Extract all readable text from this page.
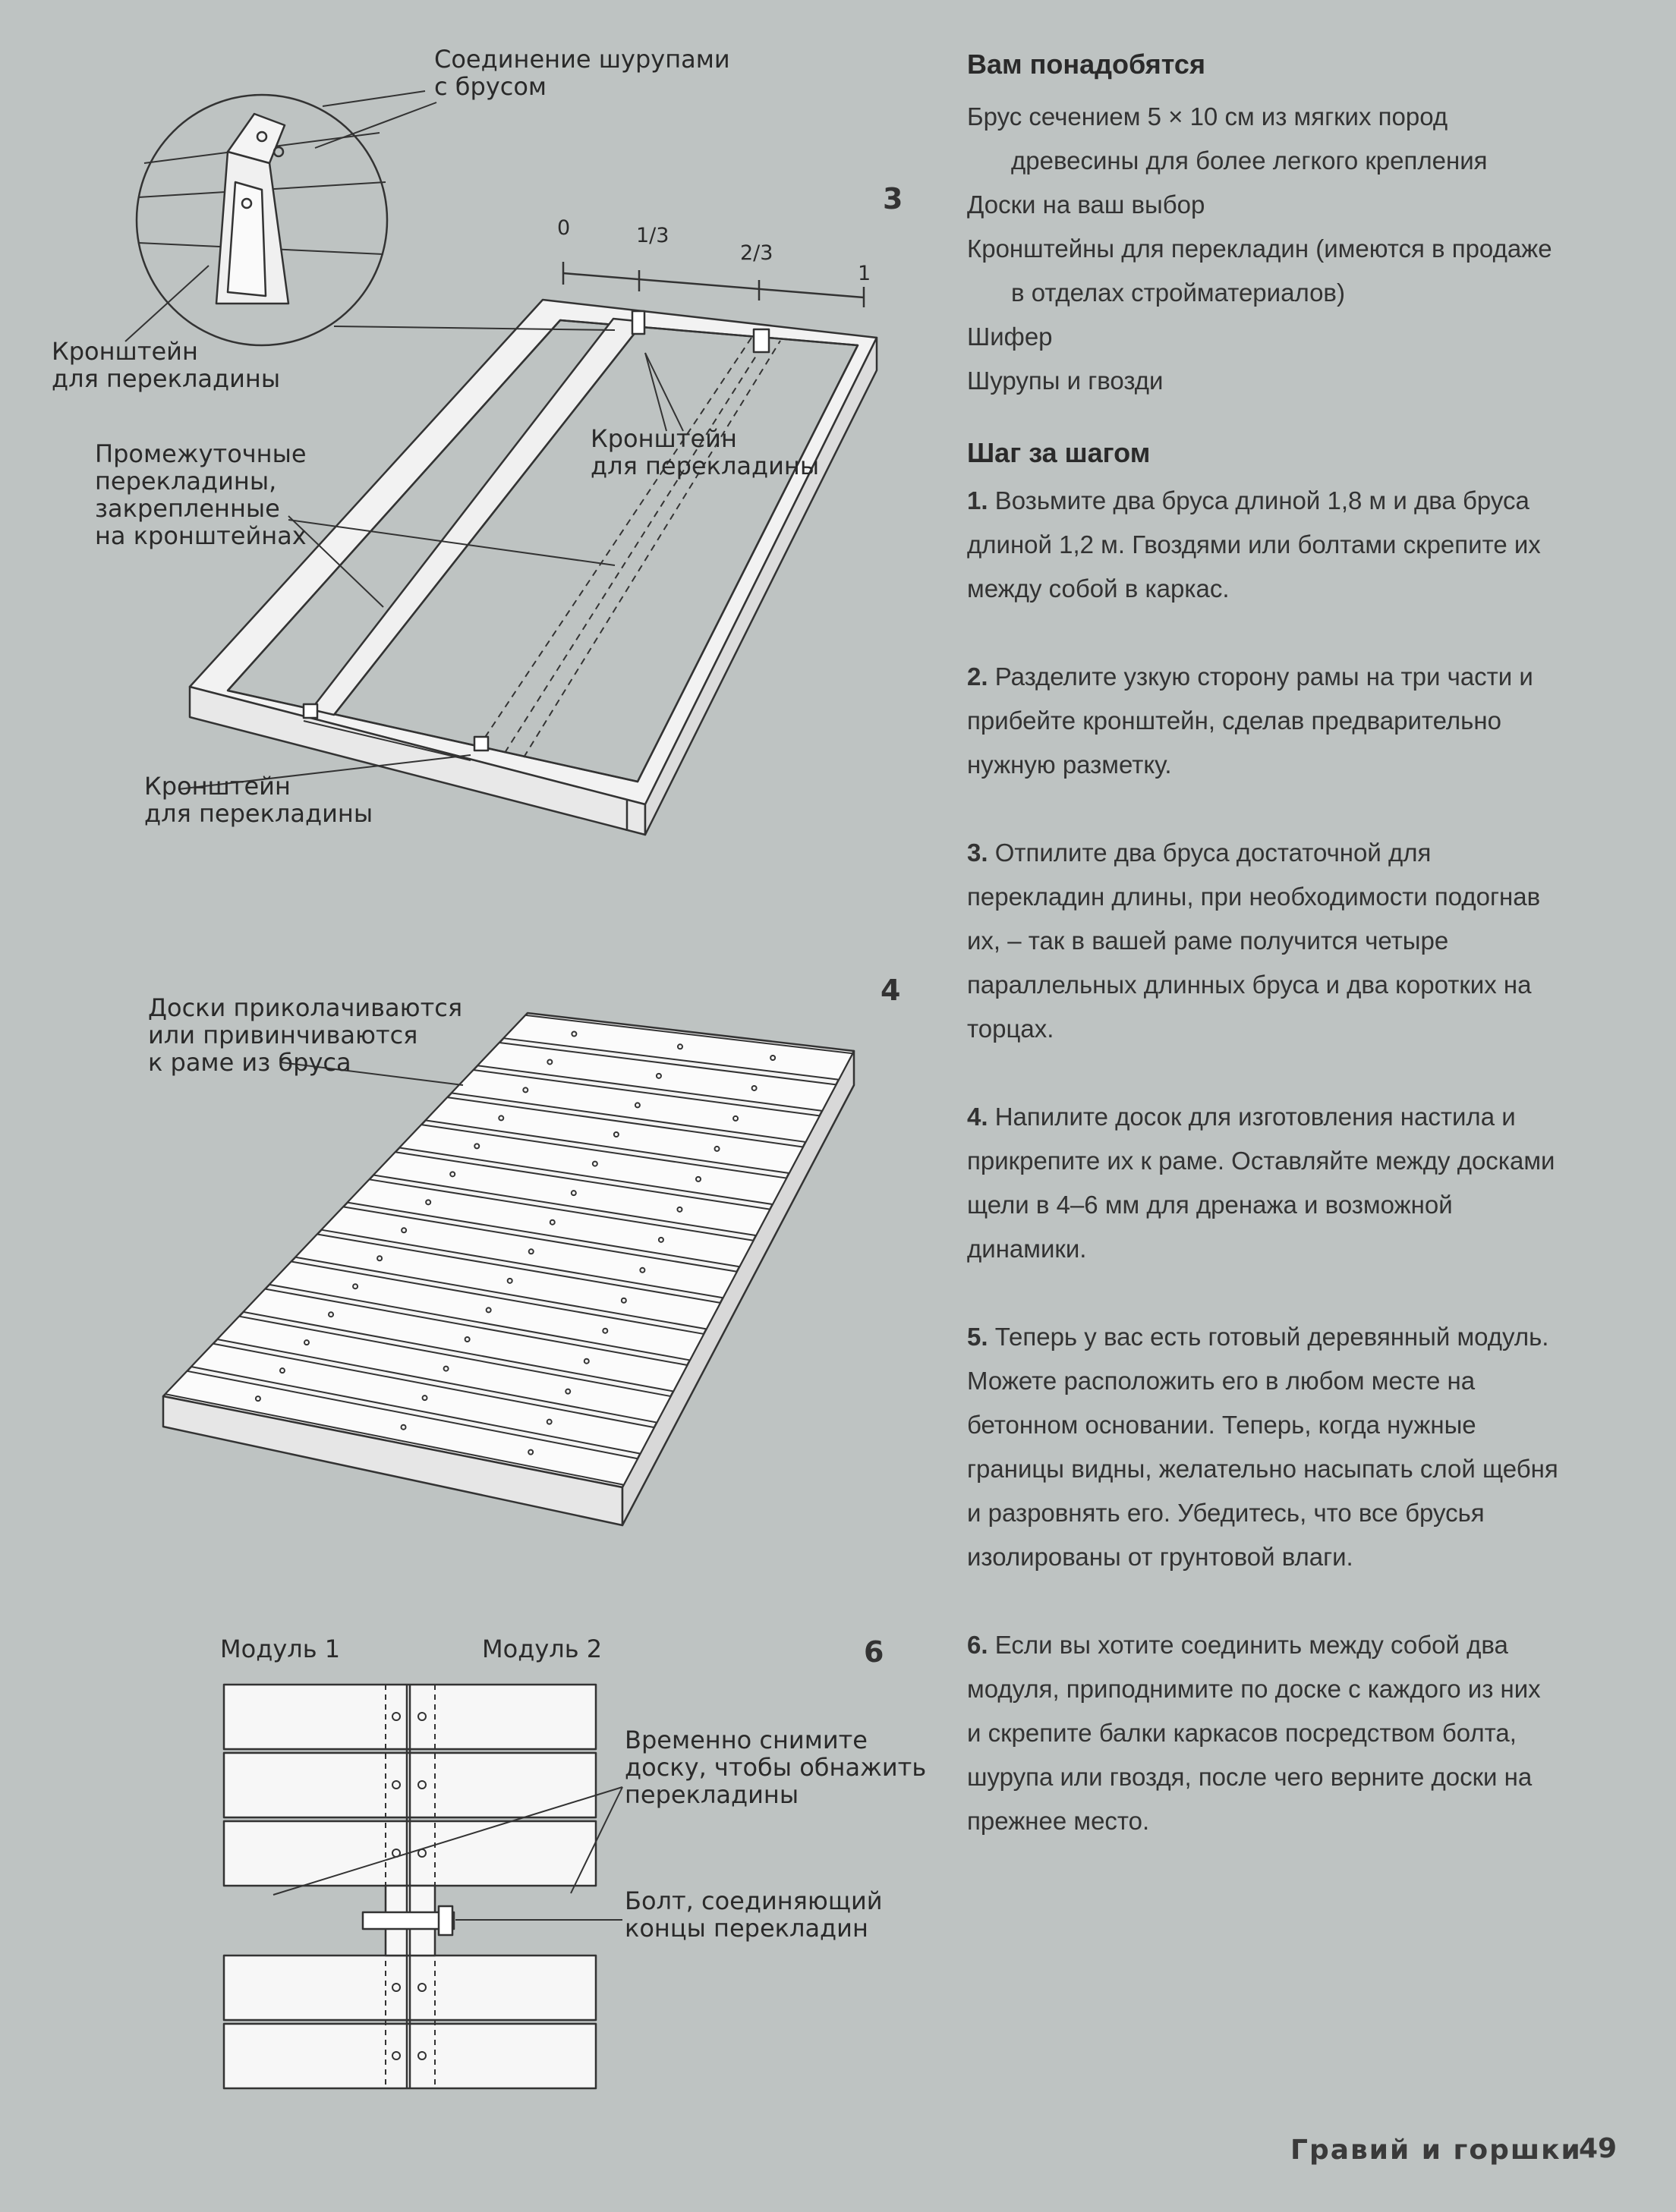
Соединение шурупами
с брусом
Кронштейн
для перекладины
Промежуточные
перекладины,
закрепленные
на кронштейнах
Кронштейн
для перекладины
Кронштейн
для перекладины
0	1/3
2/3
1
3
Доски приколачиваются
или привинчиваются
к раме из бруса
4
Модуль 1	Модуль 2
Временно снимите
доску, чтобы обнажить
перекладины
Болт, соединяющий
концы перекладин
6
Вам понадобятся

Брус сечением 5 × 10 см из мягких пород древесины для более легкого крепления

Доски на ваш выбор

Кронштейны для перекладин (имеются в продаже в отделах стройматериалов)

Шифер

Шурупы и гвозди

Шаг за шагом

1. Возьмите два бруса длиной 1,8 м и два бруса длиной 1,2 м. Гвоздями или болтами скрепите их между собой в каркас.

2. Разделите узкую сторону рамы на три части и прибейте кронштейн, сделав предварительно нужную разметку.

3. Отпилите два бруса достаточной для перекладин длины, при необходимости подогнав их, – так в вашей раме получится четыре параллельных длинных бруса и два коротких на торцах.

4. Напилите досок для изготовления настила и прикрепите их к раме. Оставляйте между досками щели в 4–6 мм для дренажа и возможной динамики.

5. Теперь у вас есть готовый деревянный модуль. Можете расположить его в любом месте на бетонном основании. Теперь, когда нужные границы видны, желательно насыпать слой щебня и разровнять его. Убедитесь, что все брусья изолированы от грунтовой влаги.

6. Если вы хотите соединить между собой два модуля, приподнимите по доске с каждого из них и скрепите балки каркасов посредством болта, шурупа или гвоздя, после чего верните доски на прежнее место.

Гравий и горшки
49
